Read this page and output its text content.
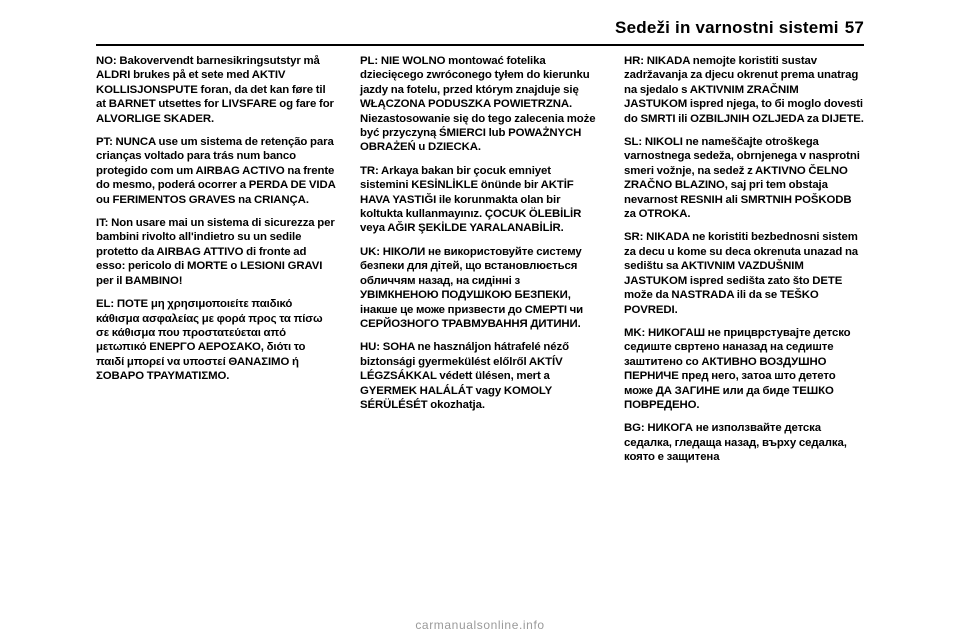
Sedeži in varnostni sistemi 57

NO: Bakovervendt barnesikringsutstyr må ALDRI brukes på et sete med AKTIV KOLLISJONSPUTE foran, da det kan føre til at BARNET utsettes for LIVSFARE og fare for ALVORLIGE SKADER.

PT: NUNCA use um sistema de retenção para crianças voltado para trás num banco protegido com um AIRBAG ACTIVO na frente do mesmo, poderá ocorrer a PERDA DE VIDA ou FERIMENTOS GRAVES na CRIANÇA.

IT: Non usare mai un sistema di sicurezza per bambini rivolto all'indietro su un sedile protetto da AIRBAG ATTIVO di fronte ad esso: pericolo di MORTE o LESIONI GRAVI per il BAMBINO!

EL: ΠΟΤΕ μη χρησιμοποιείτε παιδικό κάθισμα ασφαλείας με φορά προς τα πίσω σε κάθισμα που προστατεύεται από μετωπικό ΕΝΕΡΓΟ ΑΕΡΟΣΑΚΟ, διότι το παιδί μπορεί να υποστεί ΘΑΝΑΣΙΜΟ ή ΣΟΒΑΡΟ ΤΡΑΥΜΑΤΙΣΜΟ.

PL: NIE WOLNO montować fotelika dziecięcego zwróconego tyłem do kierunku jazdy na fotelu, przed którym znajduje się WŁĄCZONA PODUSZKA POWIETRZNA. Niezastosowanie się do tego zalecenia może być przyczyną ŚMIERCI lub POWAŻNYCH OBRAŻEŃ u DZIECKA.

TR: Arkaya bakan bir çocuk emniyet sistemini KESİNLİKLE önünde bir AKTİF HAVA YASTIĞI ile korunmakta olan bir koltukta kullanmayınız. ÇOCUK ÖLEBİLİR veya AĞIR ŞEKİLDE YARALANABİLİR.

UK: НІКОЛИ не використовуйте систему безпеки для дітей, що встановлюється обличчям назад, на сидінні з УВІМКНЕНОЮ ПОДУШКОЮ БЕЗПЕКИ, інакше це може призвести до СМЕРТІ чи СЕРЙОЗНОГО ТРАВМУВАННЯ ДИТИНИ.

HU: SOHA ne használjon hátrafelé néző biztonsági gyermekülést előlről AKTÍV LÉGZSÁKKAL védett ülésen, mert a GYERMEK HALÁLÁT vagy KOMOLY SÉRÜLÉSÉT okozhatja.

HR: NIKADA nemojte koristiti sustav zadržavanja za djecu okrenut prema unatrag na sjedalo s AKTIVNIM ZRAČNIM JASTUKOM ispred njega, to бi moglo dovesti do SMRTI ili OZBILJNIH OZLJEDA za DIJETE.

SL: NIKOLI ne nameščajte otroškega varnostnega sedeža, obrnjenega v nasprotni smeri vožnje, na sedež z AKTIVNO ČELNO ZRAČNO BLAZINO, saj pri tem obstaja nevarnost RESNIH ali SMRTNIH POŠKODB za OTROKA.

SR: NIKADA ne koristiti bezbednosni sistem za decu u kome su deca okrenuta unazad na sedištu sa AKTIVNIM VAZDUŠNIM JASTUKOM ispred sedišta zato što DETE može da NASTRADA ili da se TEŠKO POVREDI.

MK: НИКОГАШ не прицврстувајте детско седиште свртено наназад на седиште заштитено со АКТИВНО ВОЗДУШНО ПЕРНИЧЕ пред него, затоа што детето може ДА ЗАГИНЕ или да биде ТЕШКО ПОВРЕДЕНО.

BG: НИКОГА не използвайте детска седалка, гледаща назад, върху седалка, която е защитена

carmanualsonline.info
